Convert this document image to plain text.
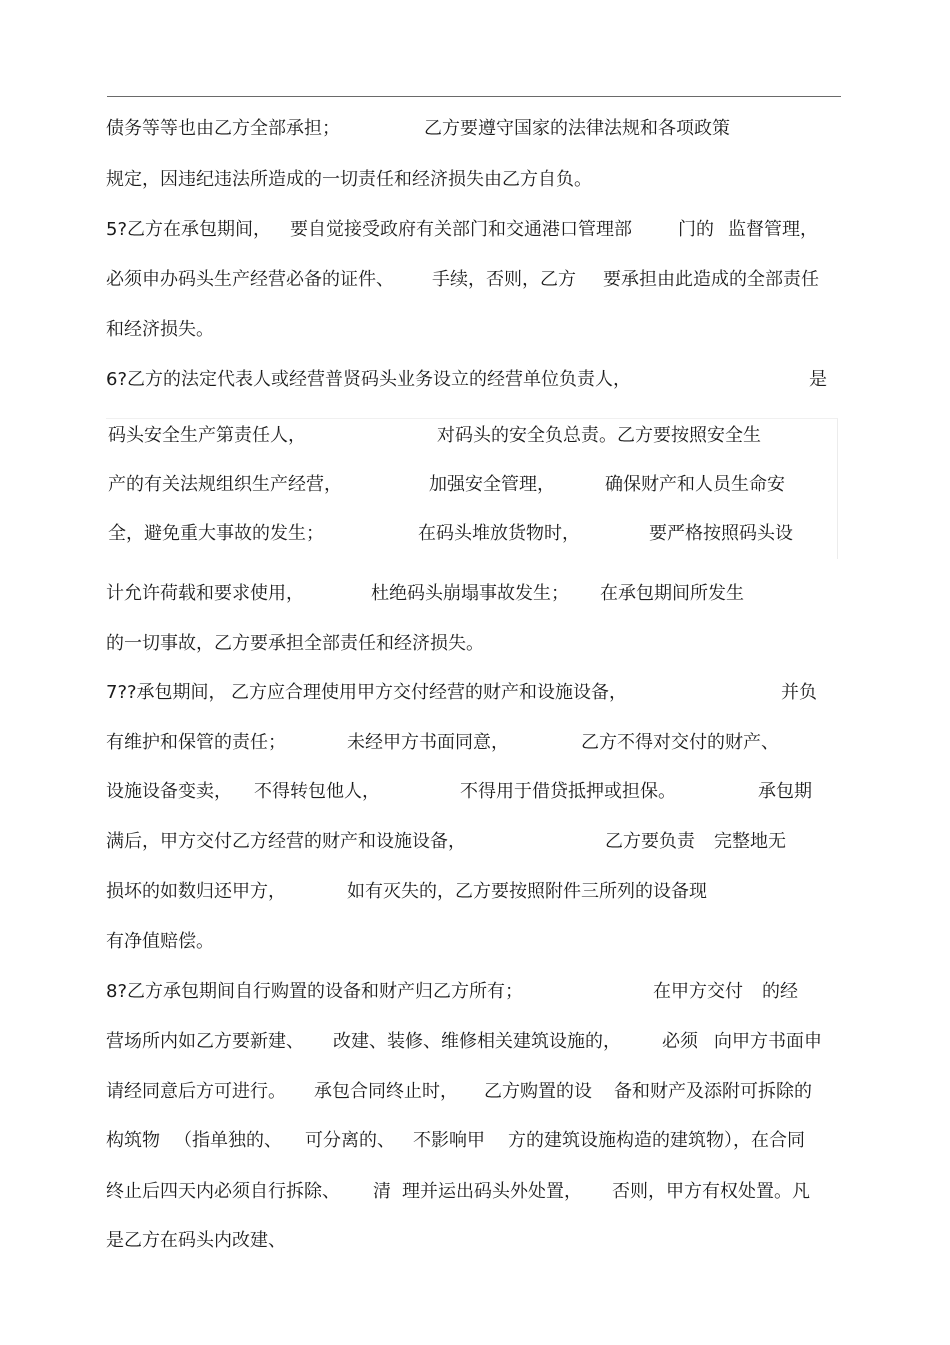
债务等等也由乙方全部承担；	乙方要遵守国家的法律法规和各项政策
规定，因违纪违法所造成的一切责任和经济损失由乙方自负。
5?乙方在承包期间， 要自觉接受政府有关部门和交通港口管理部	门的 监督管理，
必须申办码头生产经营必备的证件、 手续，否则，乙方 要承担由此造成的全部责任
和经济损失。
6?乙方的法定代表人或经营普贤码头业务设立的经营单位负责人，	是
码头安全生产第责任人，	对码头的安全负总责。乙方要按照安全生
产的有关法规组织生产经营，	加强安全管理，	确保财产和人员生命安
全，避免重大事故的发生；	在码头堆放货物时，	要严格按照码头设
计允许荷载和要求使用，	杜绝码头崩塌事故发生； 在承包期间所发生
的一切事故，乙方要承担全部责任和经济损失。
7??承包期间， 乙方应合理使用甲方交付经营的财产和设施设备，	并负
有维护和保管的责任；	未经甲方书面同意，	乙方不得对交付的财产、
设施设备变卖， 不得转包他人，	不得用于借贷抵押或担保。	承包期
满后，甲方交付乙方经营的财产和设施设备，	乙方要负责 完整地无
损坏的如数归还甲方，	如有灭失的，乙方要按照附件三所列的设备现
有净值赔偿。
8?乙方承包期间自行购置的设备和财产归乙方所有；	在甲方交付 的经
营场所内如乙方要新建、 改建、装修、维修相关建筑设施的， 必须 向甲方书面申
请经同意后方可进行。 承包合同终止时， 乙方购置的设 备和财产及添附可拆除的
构筑物 （指单独的、 可分离的、 不影响甲 方的建筑设施构造的建筑物），在合同
终止后四天内必须自行拆除、 清 理并运出码头外处置， 否则，甲方有权处置。凡
是乙方在码头内改建、
